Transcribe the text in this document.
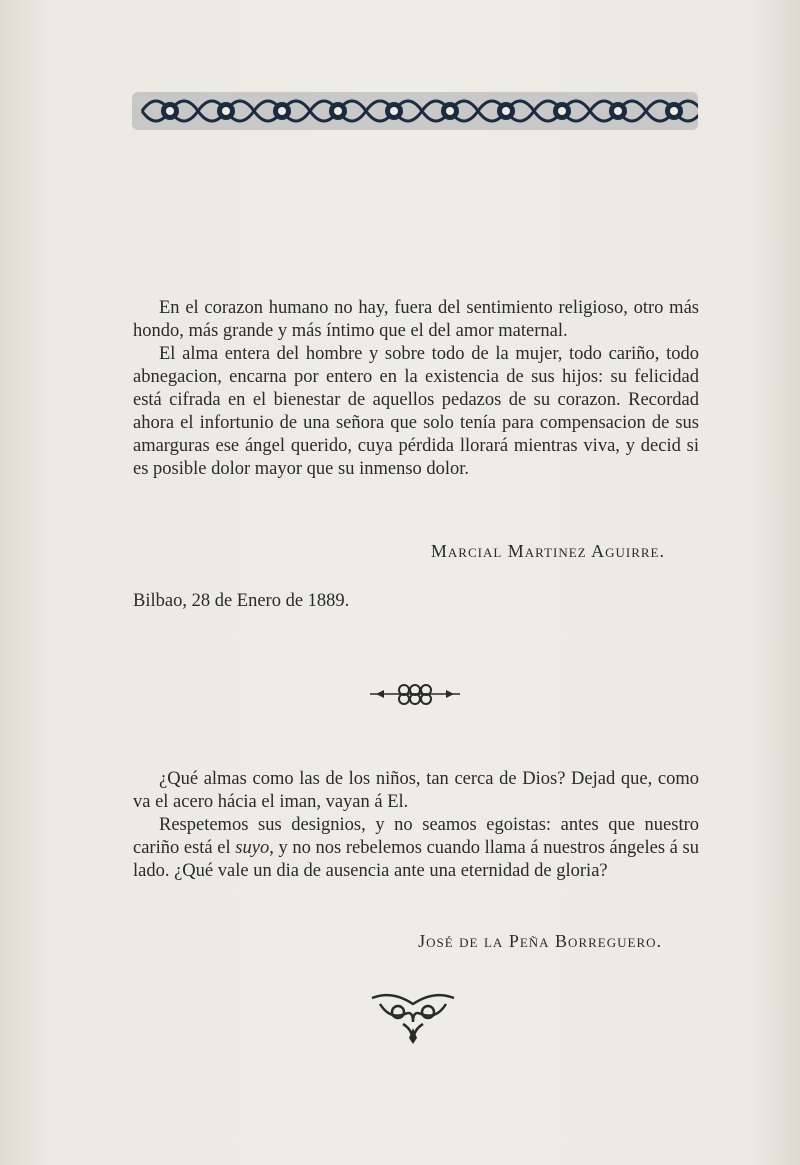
En el corazon humano no hay, fuera del sentimiento religioso, otro más hondo, más grande y más íntimo que el del amor maternal.

El alma entera del hombre y sobre todo de la mujer, todo cariño, todo abnegacion, encarna por entero en la existencia de sus hijos: su felicidad está cifrada en el bienestar de aquellos pedazos de su corazon. Recordad ahora el infortunio de una señora que solo tenía para compensacion de sus amarguras ese ángel querido, cuya pérdida llorará mientras viva, y decid si es posible dolor mayor que su inmenso dolor.

Marcial Martinez Aguirre.
Bilbao, 28 de Enero de 1889.

¿Qué almas como las de los niños, tan cerca de Dios? Dejad que, como va el acero hácia el iman, vayan á El.

Respetemos sus designios, y no seamos egoistas: antes que nuestro cariño está el suyo, y no nos rebelemos cuando llama á nuestros ángeles á su lado. ¿Qué vale un dia de ausencia ante una eternidad de gloria?

José de la Peña Borreguero.
